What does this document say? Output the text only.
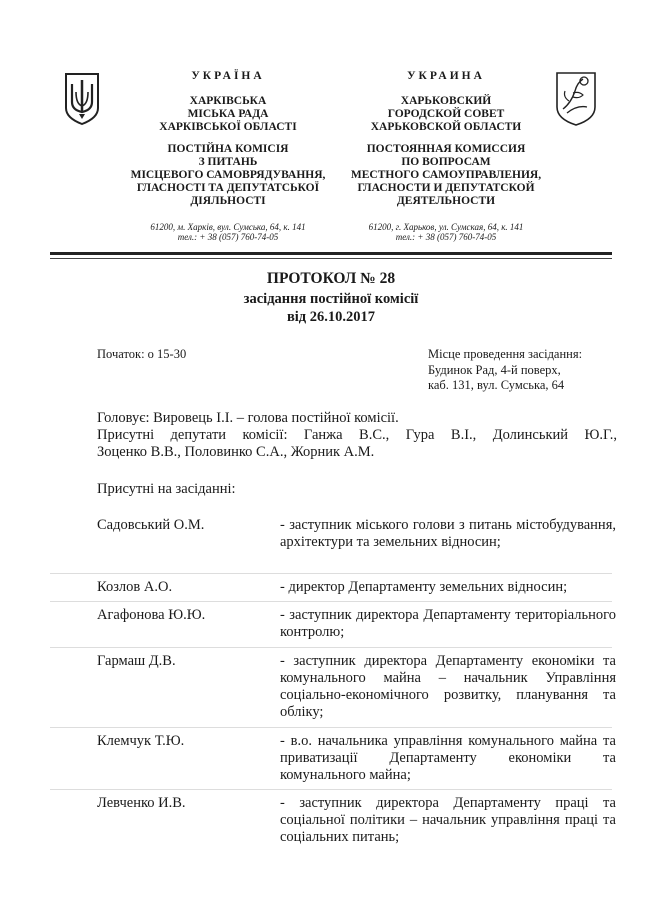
УКРАЇНА
ХАРКІВСЬКА
МІСЬКА РАДА
ХАРКІВСЬКОЇ ОБЛАСТІ
ПОСТІЙНА КОМІСІЯ
З ПИТАНЬ
МІСЦЕВОГО САМОВРЯДУВАННЯ,
ГЛАСНОСТІ ТА ДЕПУТАТСЬКОЇ
ДІЯЛЬНОСТІ
61200, м. Харків, вул. Сумська, 64, к. 141
тел.: + 38 (057) 760-74-05
УКРАИНА
ХАРЬКОВСКИЙ
ГОРОДСКОЙ СОВЕТ
ХАРЬКОВСКОЙ ОБЛАСТИ
ПОСТОЯННАЯ КОМИССИЯ
ПО ВОПРОСАМ
МЕСТНОГО САМОУПРАВЛЕНИЯ,
ГЛАСНОСТИ И ДЕПУТАТСКОЙ
ДЕЯТЕЛЬНОСТИ
61200, г. Харьков, ул. Сумская, 64, к. 141
тел.: + 38 (057) 760-74-05
ПРОТОКОЛ № 28
засідання постійної комісії
від 26.10.2017
Початок: о 15-30	Місце проведення засідання:
Будинок Рад, 4-й поверх,
каб. 131, вул. Сумська, 64
Головує: Вировець І.І. – голова постійної комісії.
Присутні депутати комісії: Ганжа В.С., Гура В.І., Долинський Ю.Г.,
Зоценко В.В., Половинко С.А., Жорник А.М.
Присутні на засіданні:
Садовський О.М.	- заступник міського голови з питань містобудування, архітектури та земельних відносин;
Козлов А.О.	- директор Департаменту земельних відносин;
Агафонова Ю.Ю.	- заступник директора Департаменту територіального контролю;
Гармаш Д.В.	- заступник директора Департаменту економіки та комунального майна – начальник Управління соціально-економічного розвитку, планування та обліку;
Клемчук Т.Ю.	- в.о. начальника управління комунального майна та приватизації Департаменту економіки та комунального майна;
Левченко И.В.	- заступник директора Департаменту праці та соціальної політики – начальник управління праці та соціальних питань;
